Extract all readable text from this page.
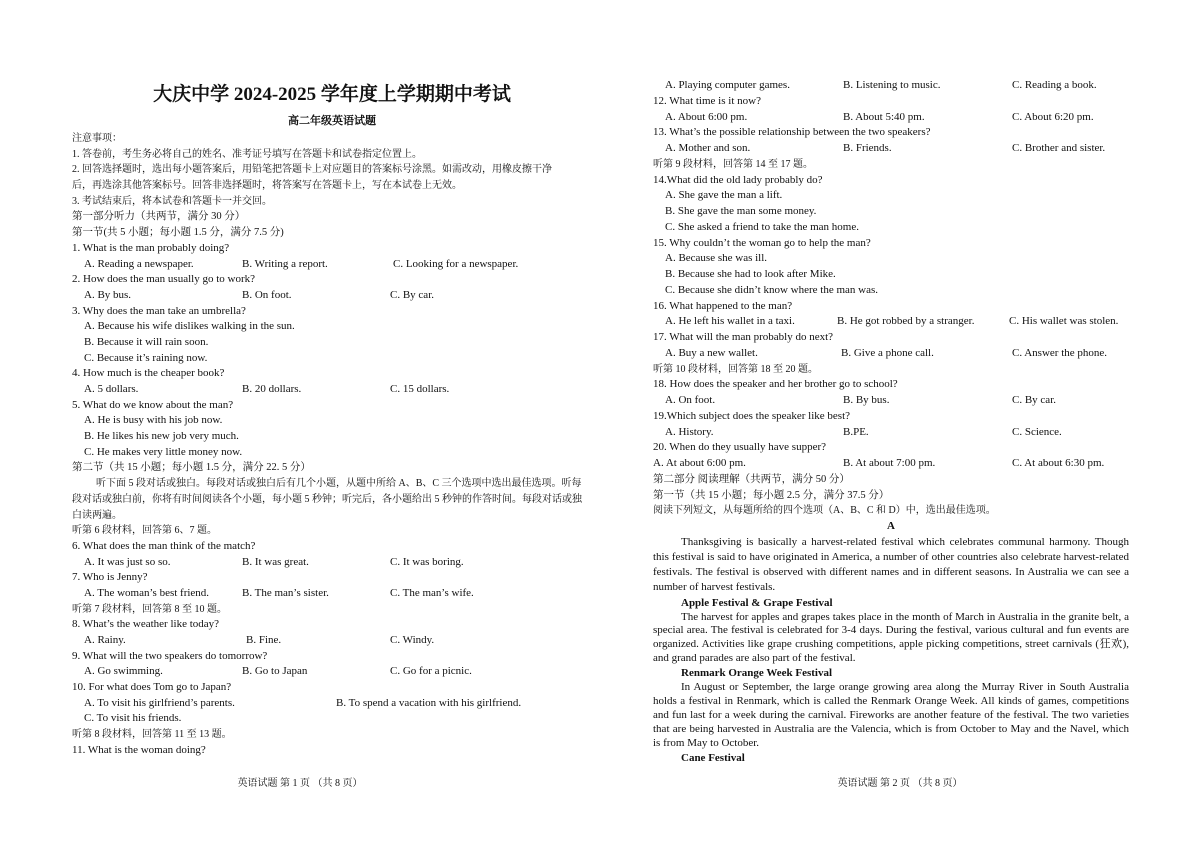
大庆中学 2024-2025 学年度上学期期中考试
高二年级英语试题
注意事项：
1. 答卷前，考生务必将自己的姓名、准考证号填写在答题卡和试卷指定位置上。
2. 回答选择题时，选出每小题答案后，用铅笔把答题卡上对应题目的答案标号涂黑。如需改动，用橡皮擦干净
后，再选涂其他答案标号。回答非选择题时，将答案写在答题卡上，写在本试卷上无效。
3. 考试结束后，将本试卷和答题卡一并交回。
第一部分听力（共两节，满分 30 分）
第一节(共 5 小题；每小题 1.5 分，满分 7.5 分)
1. What is the man probably doing?
A. Reading a newspaper.	B. Writing a report.	C. Looking for a newspaper.
2. How does the man usually go to work?
A. By bus.	B. On foot.	C. By car.
3. Why does the man take an umbrella?
A. Because his wife dislikes walking in the sun.
B. Because it will rain soon.
C. Because it’s raining now.
4. How much is the cheaper book?
A. 5 dollars.	B. 20 dollars.	C. 15 dollars.
5. What do we know about the man?
A. He is busy with his job now.
B. He likes his new job very much.
C. He makes very little money now.
第二节（共 15 小题；每小题 1.5 分，满分 22. 5 分）
听下面 5 段对话或独白。每段对话或独白后有几个小题，从题中所给 A、B、C 三个选项中选出最佳选项。听每段对话或独白前，你将有时间阅读各个小题，每小题 5 秒钟；听完后，各小题给出 5 秒钟的作答时间。每段对话或独白读两遍。
听第 6 段材料，回答第 6、7 题。
6. What does the man think of the match?
A. It was just so so.	B. It was great.	C. It was boring.
7. Who is Jenny?
A. The woman’s best friend.	B. The man’s sister.	C. The man’s wife.
听第 7 段材料，回答第 8 至 10 题。
8. What’s the weather like today?
A. Rainy.	B. Fine.	C. Windy.
9. What will the two speakers do tomorrow?
A. Go swimming.	B. Go to Japan	C. Go for a picnic.
10. For what does Tom go to Japan?
A. To visit his girlfriend’s parents.	B. To spend a vacation with his girlfriend.
C. To visit his friends.
听第 8 段材料，回答第 11 至 13 题。
11. What is the woman doing?
英语试题 第 1 页 （共 8 页）
A. Playing computer games.	B. Listening to music.	C. Reading a book.
12. What time is it now?
A. About 6:00 pm.	B. About 5:40 pm.	C. About 6:20 pm.
13. What’s the possible relationship between the two speakers?
A. Mother and son.	B. Friends.	C. Brother and sister.
听第 9 段材料，回答第 14 至 17 题。
14.What did the old lady probably do?
A. She gave the man a lift.
B. She gave the man some money.
C. She asked a friend to take the man home.
15. Why couldn’t the woman go to help the man?
A. Because she was ill.
B. Because she had to look after Mike.
C. Because she didn’t know where the man was.
16. What happened to the man?
A. He left his wallet in a taxi.	B. He got robbed by a stranger.	C. His wallet was stolen.
17. What will the man probably do next?
A. Buy a new wallet.	B. Give a phone call.	C. Answer the phone.
听第 10 段材料，回答第 18 至 20 题。
18. How does the speaker and her brother go to school?
A. On foot.	B. By bus.	C. By car.
19.Which subject does the speaker like best?
A. History.	B.PE.	C. Science.
20. When do they usually have supper?
A. At about 6:00 pm.	B. At about 7:00 pm.	C. At about 6:30 pm.
第二部分 阅读理解（共两节，满分 50 分）
第一节（共 15 小题；每小题 2.5 分，满分 37.5 分）
阅读下列短文，从每题所给的四个选项（A、B、C 和 D）中，选出最佳选项。
A
Thanksgiving is basically a harvest-related festival which celebrates communal harmony. Though this festival is said to have originated in America, a number of other countries also celebrate harvest-related festivals. The festival is observed with different names and in different seasons. In Australia we can see a number of harvest festivals.
Apple Festival & Grape Festival
The harvest for apples and grapes takes place in the month of March in Australia in the granite belt, a special area. The festival is celebrated for 3-4 days. During the festival, various cultural and fun events are organized. Activities like grape crushing competitions, apple picking competitions, street carnivals (狂欢), and grand parades are also part of the festival.
Renmark Orange Week Festival
In August or September, the large orange growing area along the Murray River in South Australia holds a festival in Renmark, which is called the Renmark Orange Week. All kinds of games, competitions and fun last for a week during the carnival. Fireworks are another feature of the festival. The two varieties that are being harvested in Australia are the Valencia, which is from October to May and the Navel, which is from May to October.
Cane Festival
英语试题 第 2 页 （共 8 页）
